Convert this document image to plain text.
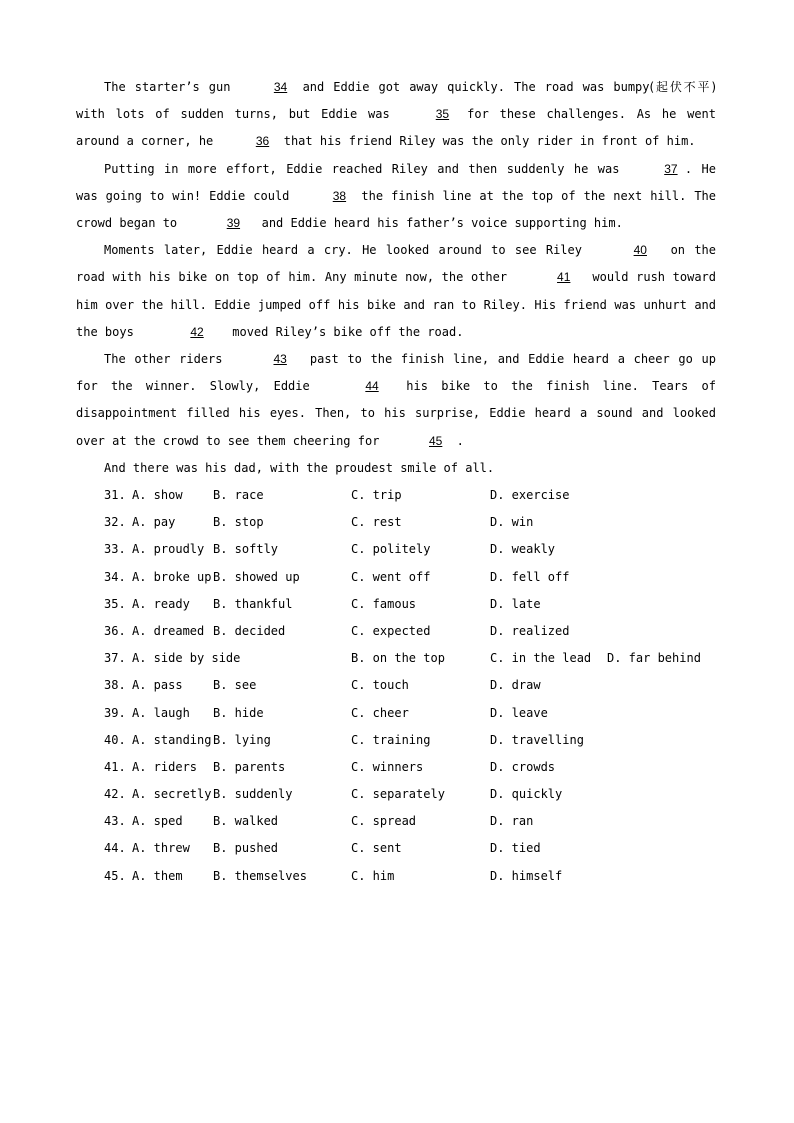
The starter’s gun	34 and Eddie got away quickly. The road was bumpy(起伏不平) with lots of sudden turns, but Eddie was	35 for these challenges. As he went around a corner, he	36 that his friend Riley was the only rider in front of him.

Putting in more effort, Eddie reached Riley and then suddenly he was	37 . He was going to win! Eddie could	38 the finish line at the top of the next hill. The crowd began to	39 and Eddie heard his father’s voice supporting him.

Moments later, Eddie heard a cry. He looked around to see Riley	40 on the road with his bike on top of him. Any minute now, the other	41 would rush toward him over the hill. Eddie jumped off his bike and ran to Riley. His friend was unhurt and the boys	42 moved Riley’s bike off the road.

The other riders	43 past to the finish line, and Eddie heard a cheer go up for the winner. Slowly, Eddie	44 his bike to the finish line. Tears of disappointment filled his eyes. Then, to his surprise, Eddie heard a sound and looked over at the crowd to see them cheering for	45 .

And there was his dad, with the proudest smile of all.

31. A. show	B. race	C. trip	D. exercise
32. A. pay	B. stop	C. rest	D. win
33. A. proudly B. softly	C. politely	D. weakly
34. A. broke up B. showed up	C. went off	D. fell off
35. A. ready B. thankful	C. famous	D. late
36. A. dreamed B. decided	C. expected	D. realized
37. A. side by side	B. on the top	C. in the lead D. far behind
38. A. pass	B. see	C. touch	D. draw
39. A. laugh B. hide	C. cheer	D. leave
40. A. standing B. lying	C. training	D. travelling
41. A. riders B. parents	C. winners	D. crowds
42. A. secretly B. suddenly	C. separately	D. quickly
43. A. sped	B. walked	C. spread	D. ran
44. A. threw B. pushed	C. sent	D. tied
45. A. them	B. themselves	C. him	D. himself
